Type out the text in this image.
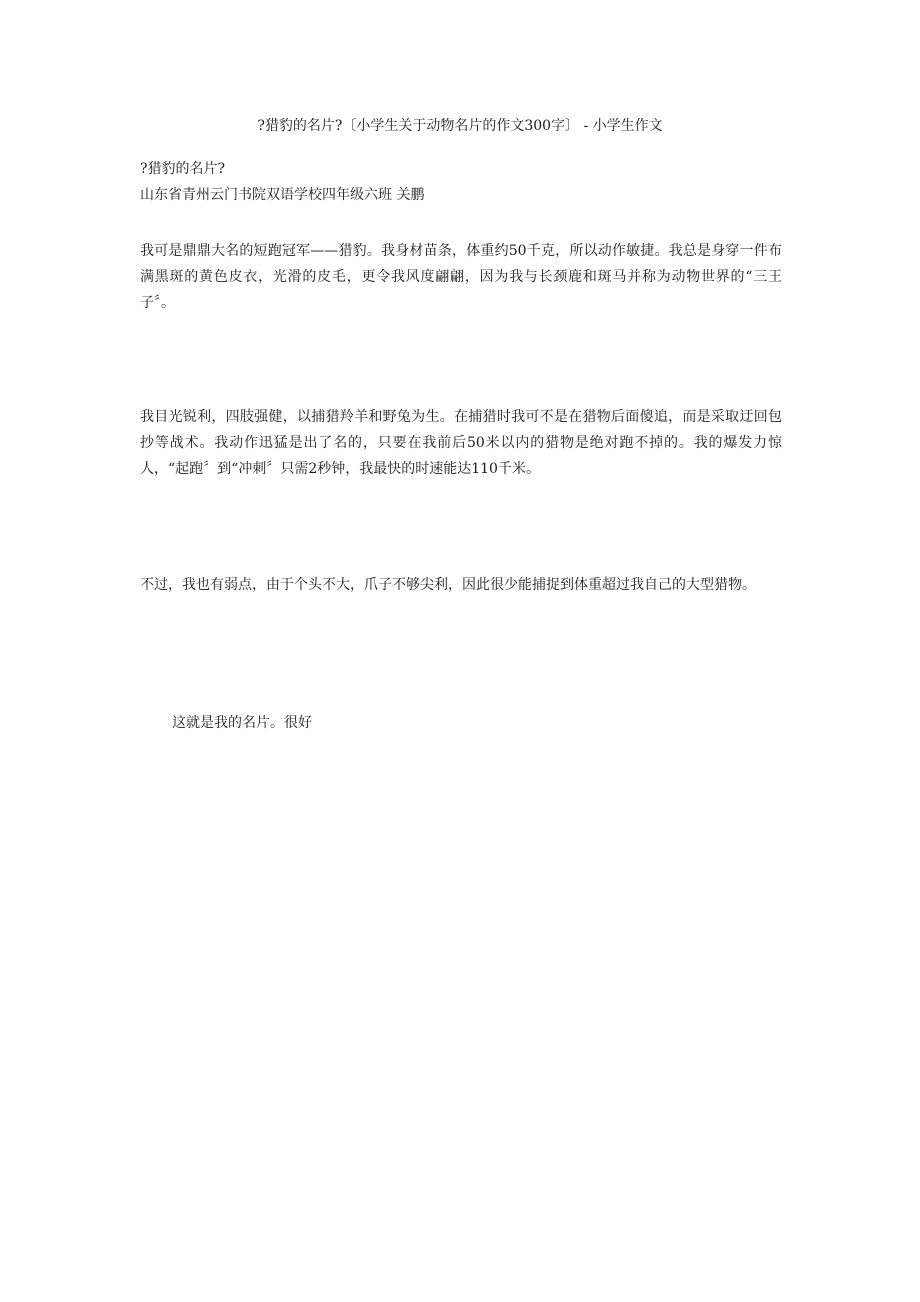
?猎豹的名片?〔小学生关于动物名片的作文300字〕 - 小学生作文

?猎豹的名片?

山东省青州云门书院双语学校四年级六班 关鹏

我可是鼎鼎大名的短跑冠军——猎豹。我身材苗条，体重约50千克，所以动作敏捷。我总是身穿一件布满黑斑的黄色皮衣，光滑的皮毛，更令我风度翩翩，因为我与长颈鹿和斑马并称为动物世界的“三王子〞。

我目光锐利，四肢强健，以捕猎羚羊和野兔为生。在捕猎时我可不是在猎物后面傻追，而是采取迂回包抄等战术。我动作迅猛是出了名的，只要在我前后50米以内的猎物是绝对跑不掉的。我的爆发力惊人，“起跑〞到“冲刺〞只需2秒钟，我最快的时速能达110千米。

不过，我也有弱点，由于个头不大，爪子不够尖利，因此很少能捕捉到体重超过我自己的大型猎物。

这就是我的名片。很好
